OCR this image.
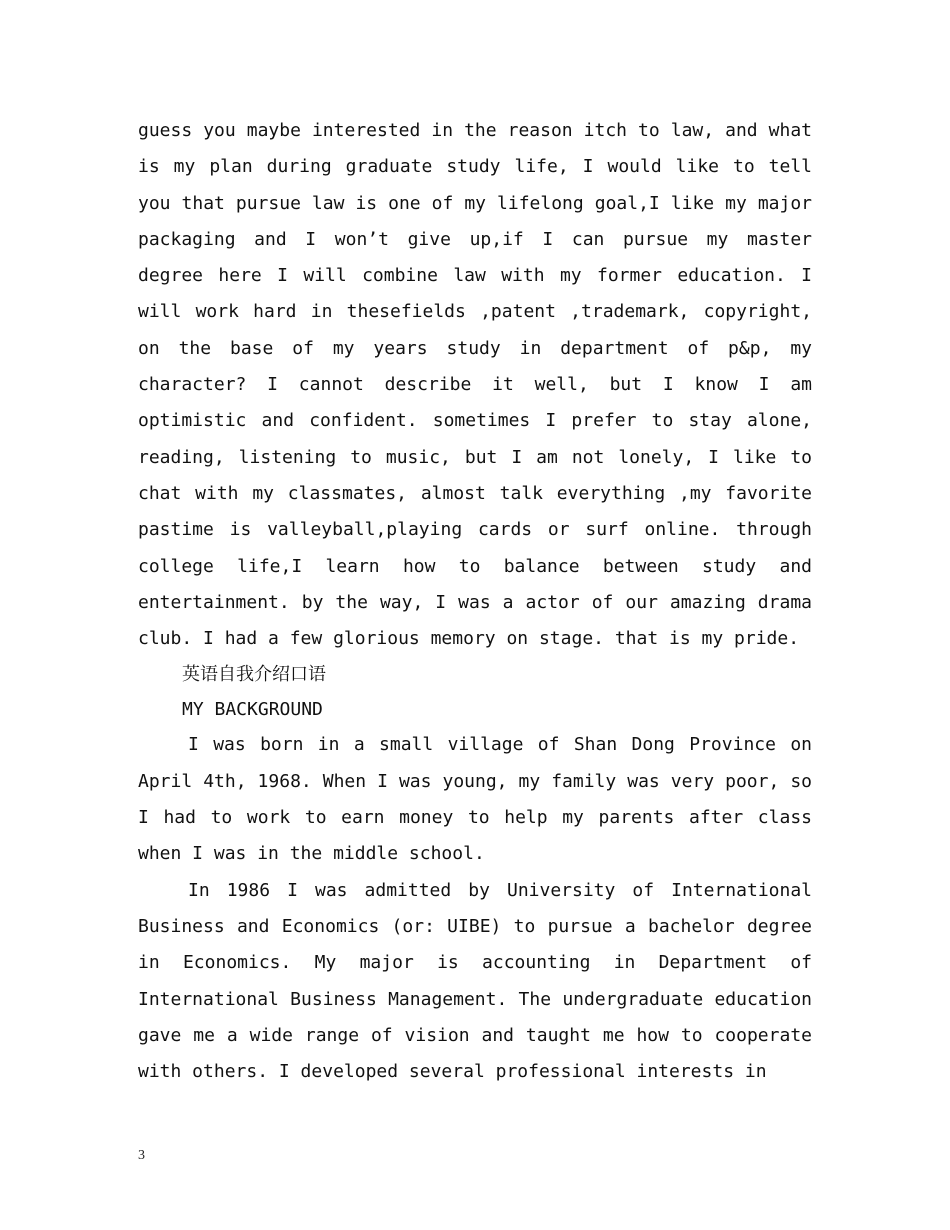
guess you maybe interested in the reason itch to law, and what
is my plan during graduate study life, I would like to tell
you that pursue law is one of my lifelong goal,I like my major
packaging and I won’t give up,if I can pursue my master
degree here I will combine law with my former education. I
will work hard in thesefields ,patent ,trademark, copyright,
on the base of my years study in department of p&p, my
character? I cannot describe it well, but I know I am
optimistic and confident. sometimes I prefer to stay alone,
reading, listening to music, but I am not lonely, I like to
chat with my classmates, almost talk everything ,my favorite
pastime is valleyball,playing cards or surf online. through
college life,I learn how to balance between study and
entertainment. by the way, I was a actor of our amazing drama
club. I had a few glorious memory on stage. that is my pride.

英语自我介绍口语

MY BACKGROUND

I was born in a small village of Shan Dong Province on
April 4th, 1968. When I was young, my family was very poor, so
I had to work to earn money to help my parents after class
when I was in the middle school.
In 1986 I was admitted by University of International
Business and Economics (or: UIBE) to pursue a bachelor degree
in Economics. My major is accounting in Department of
International Business Management. The undergraduate education
gave me a wide range of vision and taught me how to cooperate
with others. I developed several professional interests in
3
